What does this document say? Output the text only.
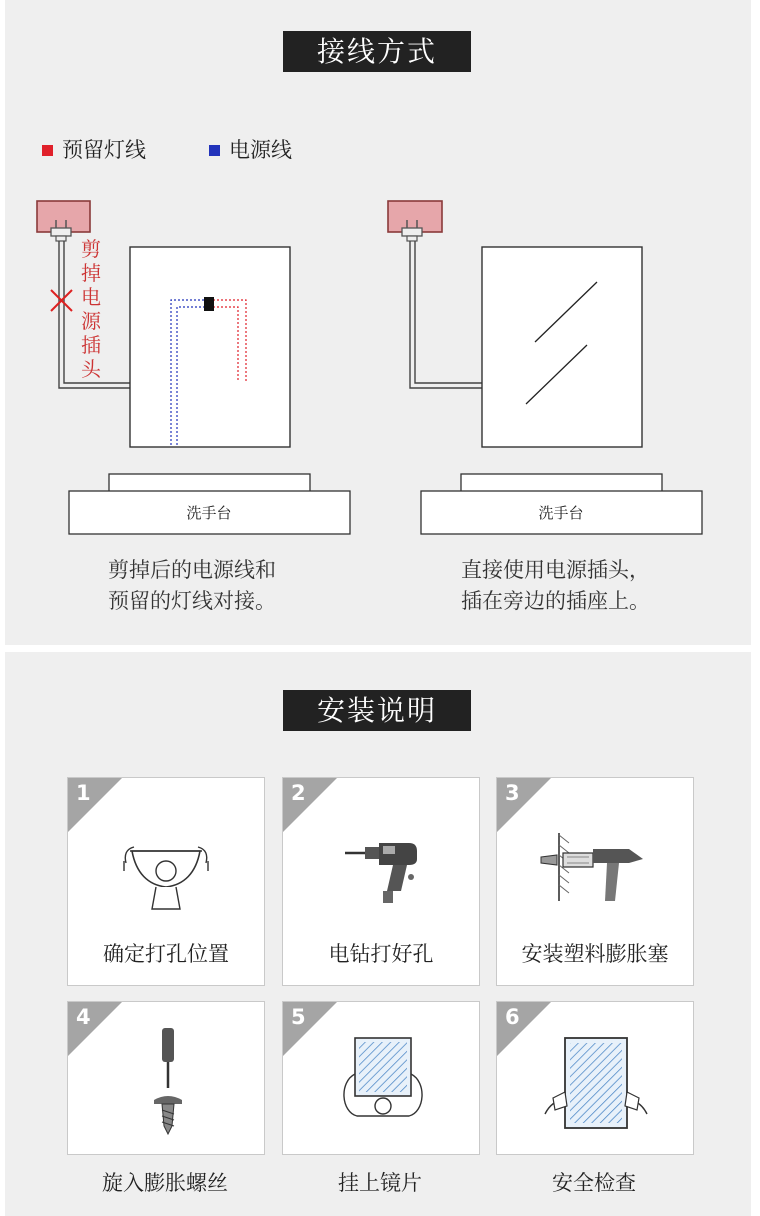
接线方式
预留灯线	电源线
剪
掉
电
源
插
头
洗手台	洗手台
剪掉后的电源线和
预留的灯线对接。
直接使用电源插头，
插在旁边的插座上。
安装说明
1
确定打孔位置
2
电钻打好孔
3
安装塑料膨胀塞
4
旋入膨胀螺丝
5
挂上镜片
6
安全检查
